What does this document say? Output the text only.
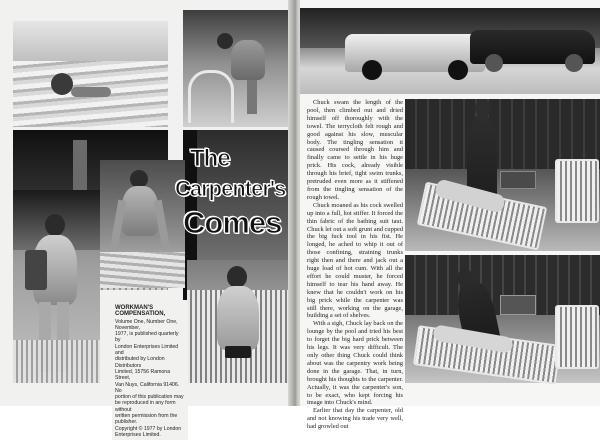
WORKMAN'S COMPENSATION,
Volume One, Number One, November,
1977, is published quarterly by
London Enterprises Limited and
distributed by London Distributors
Limited, 15756 Ramona Street,
Van Nuys, California 91406. No
portion of this publication may
be reproduced in any form without
written permission from the publisher.
Copyright © 1977 by London
Enterprises Limited.
The
Carpenter's
Comes

Chuck swam the length of the pool, then climbed out and dried himself off thoroughly with the towel. The terrycloth felt rough and good against his slow, muscular body. The tingling sensation it caused coursed through him and finally came to settle in his huge prick. His cock, already visible through his brief, tight swim trunks, pretruded even more as it stiffened from the tingling sensation of the rough towel.

Chuck moaned as his cock swelled up into a full, hot stiffer. It forced the thin fabric of the bathing suit taut. Chuck let out a soft grunt and cupped the big fuck tool in his fist. He longed, he ached to whip it out of those confining, straining trunks right then and there and jack out a huge load of hot cum. With all the effort he could muster, he forced himself to tear his hand away. He knew that he couldn't work on his big prick while the carpenter was still there, working on the garage, building a set of shelves.

With a sigh, Chuck lay back on the lounge by the pool and tried his best to forget the big hard prick between his legs. It was very difficult. The only other thing Chuck could think about was the carpentry work being done in the garage. That, in turn, brought his thoughts to the carpenter. Actually, it was the carpenter's son, to be exact, who kept forcing his image into Chuck's mind.

Earlier that day the carpenter, old and not knowing his trade very well, had growled out
